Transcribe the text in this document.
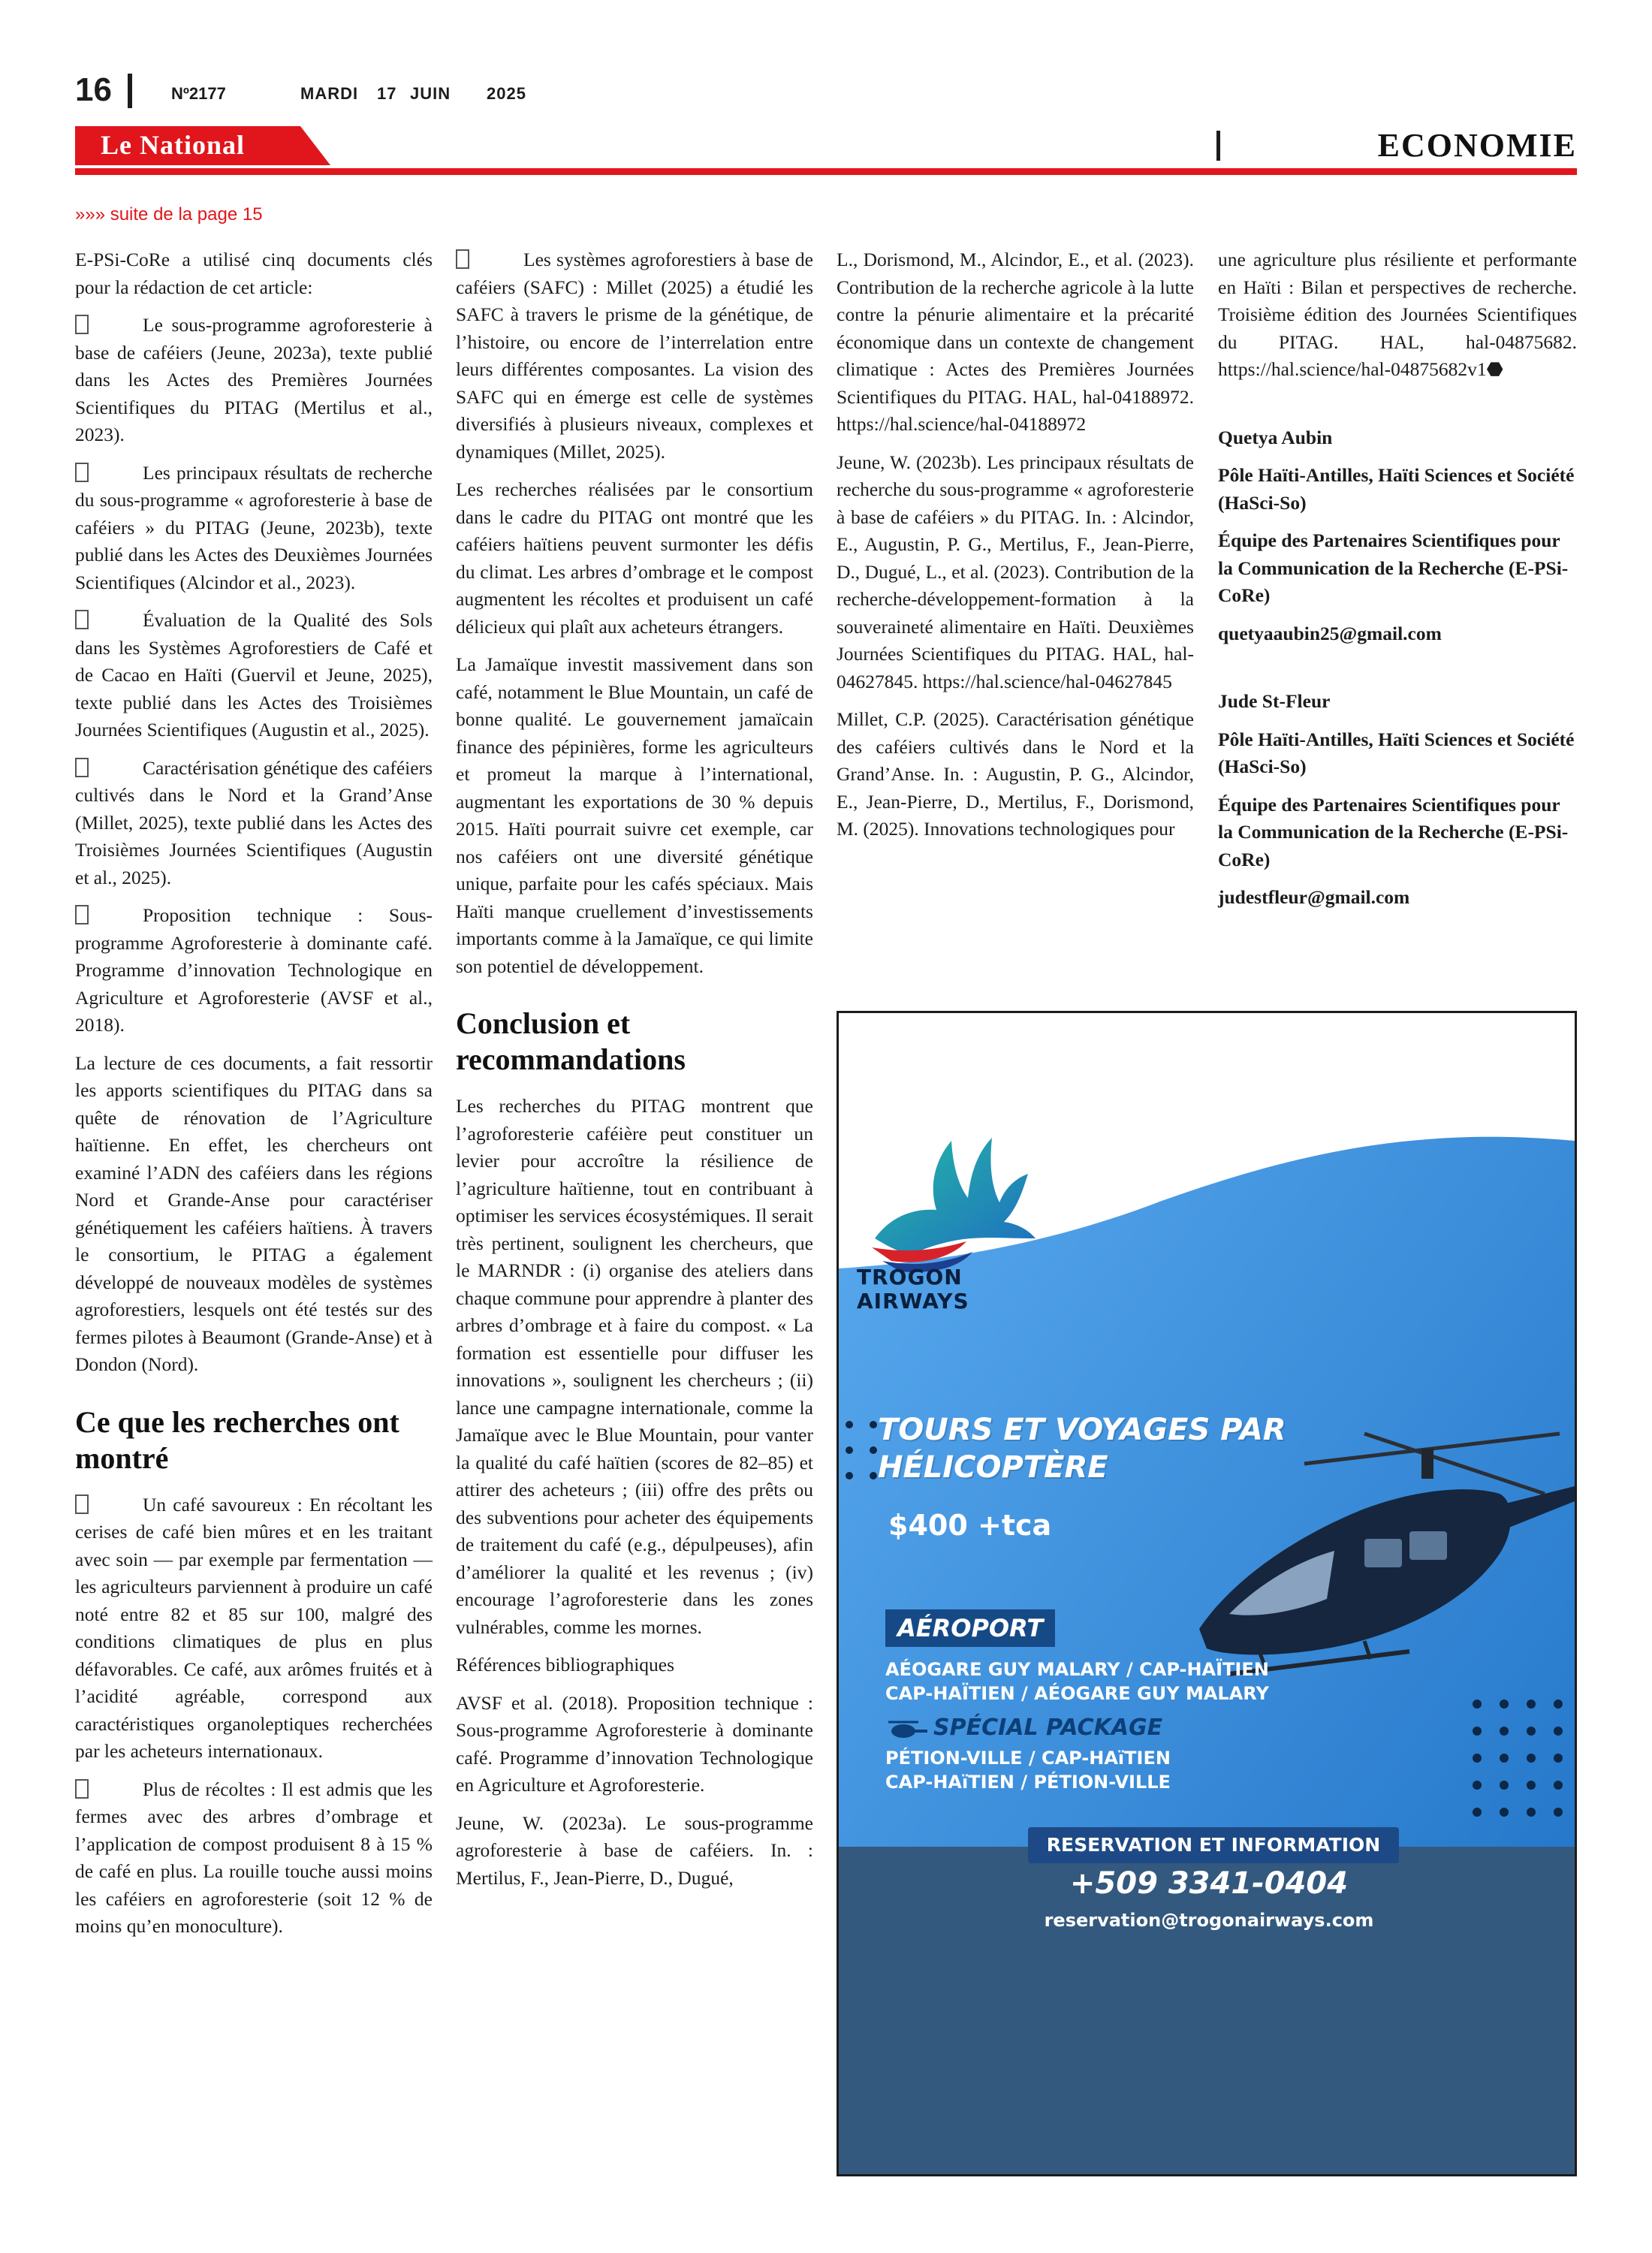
16	Nº2177	MARDI 17 JUIN 2025
Le National	ECONOMIE
»»» suite de la page 15

E-PSi-CoRe a utilisé cinq documents clés pour la rédaction de cet article:

Le sous-programme agroforesterie à base de caféiers (Jeune, 2023a), texte publié dans les Actes des Premières Journées Scientifiques du PITAG (Mertilus et al., 2023).

Les principaux résultats de recherche du sous-programme « agroforesterie à base de caféiers » du PITAG (Jeune, 2023b), texte publié dans les Actes des Deuxièmes Journées Scientifiques (Alcindor et al., 2023).

Évaluation de la Qualité des Sols dans les Systèmes Agroforestiers de Café et de Cacao en Haïti (Guervil et Jeune, 2025), texte publié dans les Actes des Troisièmes Journées Scientifiques (Augustin et al., 2025).

Caractérisation génétique des caféiers cultivés dans le Nord et la Grand’Anse (Millet, 2025), texte publié dans les Actes des Troisièmes Journées Scientifiques (Augustin et al., 2025).

Proposition technique : Sous-programme Agroforesterie à dominante café. Programme d’innovation Technologique en Agriculture et Agroforesterie (AVSF et al., 2018).

La lecture de ces documents, a fait ressortir les apports scientifiques du PITAG dans sa quête de rénovation de l’Agriculture haïtienne. En effet, les chercheurs ont examiné l’ADN des caféiers dans les régions Nord et Grande-Anse pour caractériser génétiquement les caféiers haïtiens. À travers le consortium, le PITAG a également développé de nouveaux modèles de systèmes agroforestiers, lesquels ont été testés sur des fermes pilotes à Beaumont (Grande-Anse) et à Dondon (Nord).

Ce que les recherches ont montré

Un café savoureux : En récoltant les cerises de café bien mûres et en les traitant avec soin — par exemple par fermentation — les agriculteurs parviennent à produire un café noté entre 82 et 85 sur 100, malgré des conditions climatiques de plus en plus défavorables. Ce café, aux arômes fruités et à l’acidité agréable, correspond aux caractéristiques organoleptiques recherchées par les acheteurs internationaux.

Plus de récoltes : Il est admis que les fermes avec des arbres d’ombrage et l’application de compost produisent 8 à 15 % de café en plus. La rouille touche aussi moins les caféiers en agroforesterie (soit 12 % de moins qu’en monoculture).

Les systèmes agroforestiers à base de caféiers (SAFC) : Millet (2025) a étudié les SAFC à travers le prisme de la génétique, de l’histoire, ou encore de l’interrelation entre leurs différentes composantes. La vision des SAFC qui en émerge est celle de systèmes diversifiés à plusieurs niveaux, complexes et dynamiques (Millet, 2025).

Les recherches réalisées par le consortium dans le cadre du PITAG ont montré que les caféiers haïtiens peuvent surmonter les défis du climat. Les arbres d’ombrage et le compost augmentent les récoltes et produisent un café délicieux qui plaît aux acheteurs étrangers.

La Jamaïque investit massivement dans son café, notamment le Blue Mountain, un café de bonne qualité. Le gouvernement jamaïcain finance des pépinières, forme les agriculteurs et promeut la marque à l’international, augmentant les exportations de 30 % depuis 2015. Haïti pourrait suivre cet exemple, car nos caféiers ont une diversité génétique unique, parfaite pour les cafés spéciaux. Mais Haïti manque cruellement d’investissements importants comme à la Jamaïque, ce qui limite son potentiel de développement.

Conclusion et recommandations

Les recherches du PITAG montrent que l’agroforesterie caféière peut constituer un levier pour accroître la résilience de l’agriculture haïtienne, tout en contribuant à optimiser les services écosystémiques. Il serait très pertinent, soulignent les chercheurs, que le MARNDR : (i) organise des ateliers dans chaque commune pour apprendre à planter des arbres d’ombrage et à faire du compost. « La formation est essentielle pour diffuser les innovations », soulignent les chercheurs ; (ii) lance une campagne internationale, comme la Jamaïque avec le Blue Mountain, pour vanter la qualité du café haïtien (scores de 82–85) et attirer des acheteurs ; (iii) offre des prêts ou des subventions pour acheter des équipements de traitement du café (e.g., dépulpeuses), afin d’améliorer la qualité et les revenus ; (iv) encourage l’agroforesterie dans les zones vulnérables, comme les mornes.

Références bibliographiques

AVSF et al. (2018). Proposition technique : Sous-programme Agroforesterie à dominante café. Programme d’innovation Technologique en Agriculture et Agroforesterie.

Jeune, W. (2023a). Le sous-programme agroforesterie à base de caféiers. In. : Mertilus, F., Jean-Pierre, D., Dugué,

L., Dorismond, M., Alcindor, E., et al. (2023). Contribution de la recherche agricole à la lutte contre la pénurie alimentaire et la précarité économique dans un contexte de changement climatique : Actes des Premières Journées Scientifiques du PITAG. HAL, hal-04188972. https://hal.science/hal-04188972

Jeune, W. (2023b). Les principaux résultats de recherche du sous-programme « agroforesterie à base de caféiers » du PITAG. In. : Alcindor, E., Augustin, P. G., Mertilus, F., Jean-Pierre, D., Dugué, L., et al. (2023). Contribution de la recherche-développement-formation à la souveraineté alimentaire en Haïti. Deuxièmes Journées Scientifiques du PITAG. HAL, hal-04627845. https://hal.science/hal-04627845

Millet, C.P. (2025). Caractérisation génétique des caféiers cultivés dans le Nord et la Grand’Anse. In. : Augustin, P. G., Alcindor, E., Jean-Pierre, D., Mertilus, F., Dorismond, M. (2025). Innovations technologiques pour

une agriculture plus résiliente et performante en Haïti : Bilan et perspectives de recherche. Troisième édition des Journées Scientifiques du PITAG. HAL, hal-04875682. https://hal.science/hal-04875682v1⬣

Quetya Aubin

Pôle Haïti-Antilles, Haïti Sciences et Société (HaSci-So)

Équipe des Partenaires Scientifiques pour la Communication de la Recherche (E-PSi-CoRe)

quetyaaubin25@gmail.com

Jude St-Fleur

Pôle Haïti-Antilles, Haïti Sciences et Société (HaSci-So)

Équipe des Partenaires Scientifiques pour la Communication de la Recherche (E-PSi-CoRe)

judestfleur@gmail.com

TROGON
AIRWAYS
TOURS ET VOYAGES PAR HÉLICOPTÈRE
$400 +tca
AÉROPORT
AÉOGARE GUY MALARY / CAP-HAÏTIEN
CAP-HAÏTIEN / AÉOGARE GUY MALARY
SPÉCIAL PACKAGE
PÉTION-VILLE / CAP-HAïTIEN
CAP-HAïTIEN / PÉTION-VILLE
RESERVATION ET INFORMATION
+509 3341-0404
reservation@trogonairways.com
